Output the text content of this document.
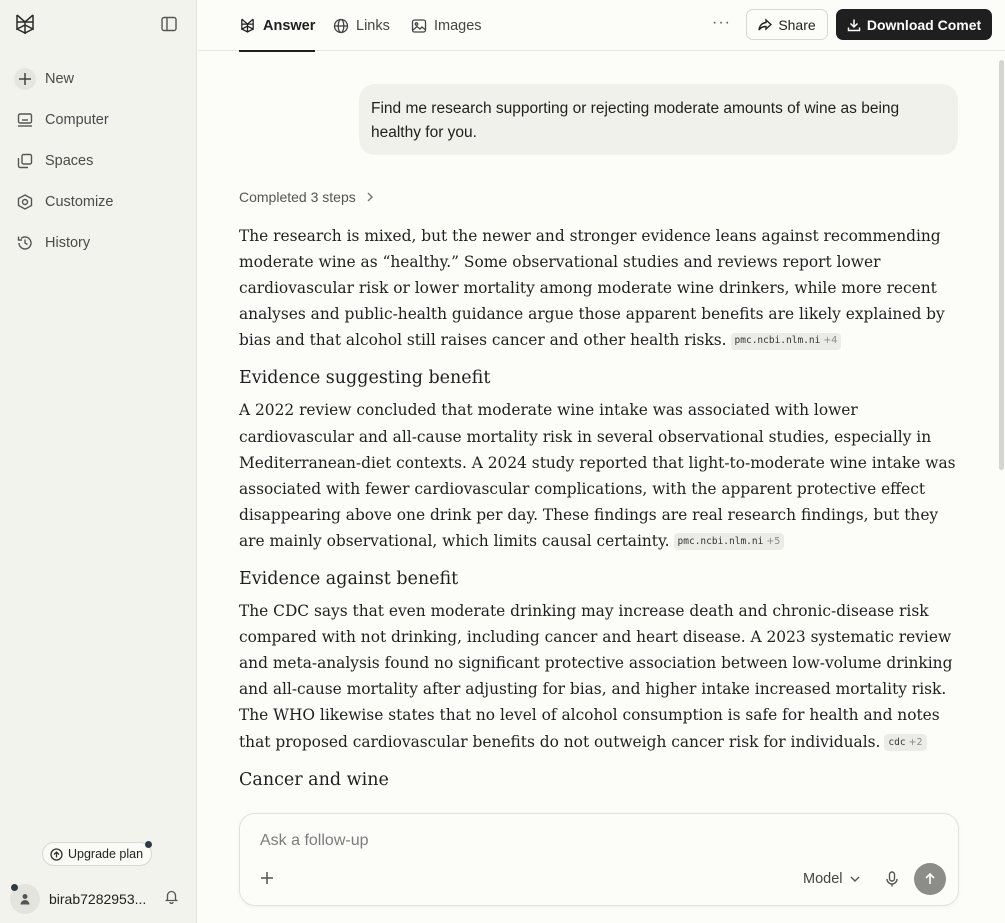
New
Computer
Spaces
Customize
History
Upgrade plan
birab7282953...
Answer	Links	Images	···	Share	Download Comet
Find me research supporting or rejecting moderate amounts of wine as being healthy for you.
Completed 3 steps

The research is mixed, but the newer and stronger evidence leans against recommending moderate wine as “healthy.” Some observational studies and reviews report lower cardiovascular risk or lower mortality among moderate wine drinkers, while more recent analyses and public-health guidance argue those apparent benefits are likely explained by bias and that alcohol still raises cancer and other health risks. pmc.ncbi.nlm.ni +4

Evidence suggesting benefit

A 2022 review concluded that moderate wine intake was associated with lower cardiovascular and all-cause mortality risk in several observational studies, especially in Mediterranean-diet contexts. A 2024 study reported that light-to-moderate wine intake was associated with fewer cardiovascular complications, with the apparent protective effect disappearing above one drink per day. These findings are real research findings, but they are mainly observational, which limits causal certainty. pmc.ncbi.nlm.ni +5

Evidence against benefit

The CDC says that even moderate drinking may increase death and chronic-disease risk compared with not drinking, including cancer and heart disease. A 2023 systematic review and meta-analysis found no significant protective association between low-volume drinking and all-cause mortality after adjusting for bias, and higher intake increased mortality risk. The WHO likewise states that no level of alcohol consumption is safe for health and notes that proposed cardiovascular benefits do not outweigh cancer risk for individuals. cdc +2

Cancer and wine
Ask a follow-up
Model
